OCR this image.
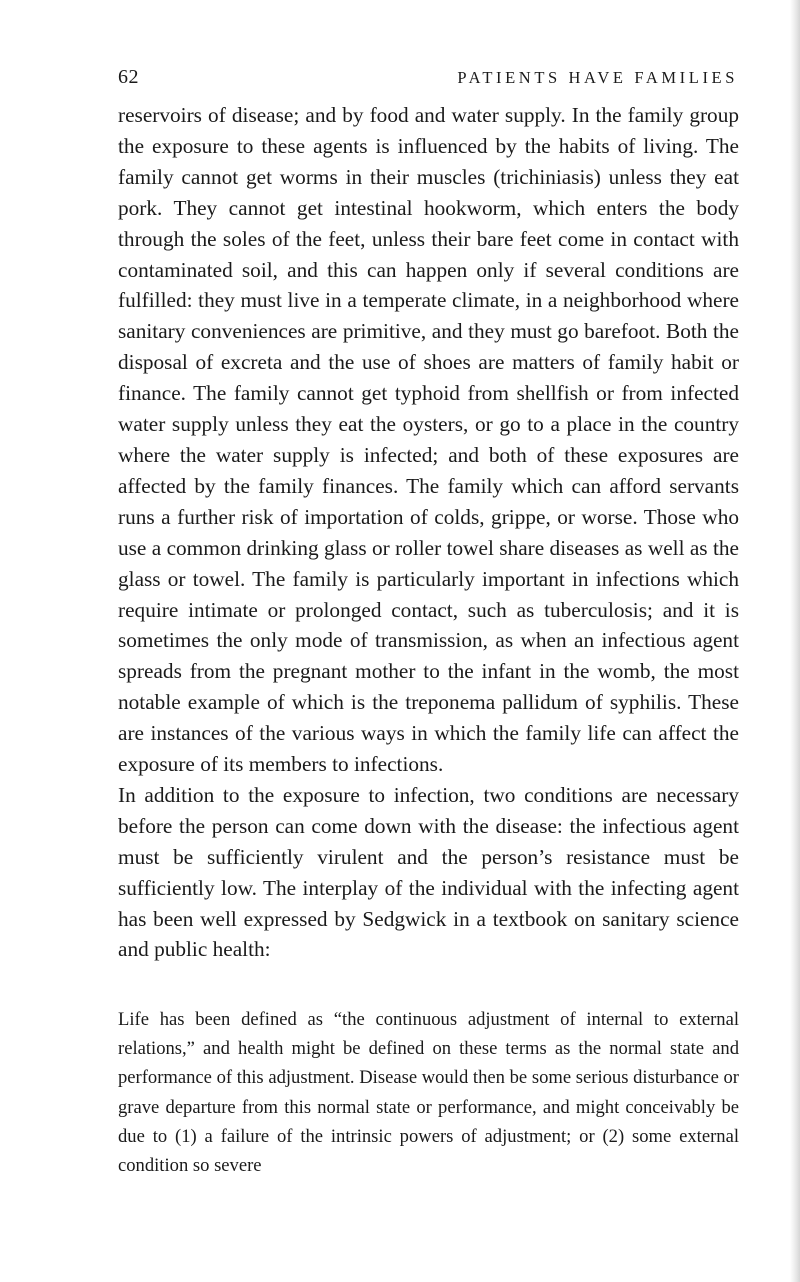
62	PATIENTS HAVE FAMILIES

reservoirs of disease; and by food and water supply. In the family group the exposure to these agents is influenced by the habits of living. The family cannot get worms in their muscles (trichiniasis) unless they eat pork. They cannot get intestinal hookworm, which enters the body through the soles of the feet, unless their bare feet come in contact with contaminated soil, and this can happen only if several conditions are fulfilled: they must live in a temperate climate, in a neighborhood where sanitary conveniences are primitive, and they must go barefoot. Both the disposal of excreta and the use of shoes are matters of family habit or finance. The family cannot get typhoid from shellfish or from infected water supply unless they eat the oysters, or go to a place in the country where the water supply is infected; and both of these exposures are affected by the family finances. The family which can afford servants runs a further risk of importation of colds, grippe, or worse. Those who use a common drinking glass or roller towel share diseases as well as the glass or towel. The family is particularly important in infections which require intimate or prolonged contact, such as tuberculosis; and it is sometimes the only mode of transmission, as when an infectious agent spreads from the pregnant mother to the infant in the womb, the most notable example of which is the treponema pallidum of syphilis. These are instances of the various ways in which the family life can affect the exposure of its members to infections.

In addition to the exposure to infection, two conditions are necessary before the person can come down with the disease: the infectious agent must be sufficiently virulent and the person’s resistance must be sufficiently low. The interplay of the individual with the infecting agent has been well expressed by Sedgwick in a textbook on sanitary science and public health:

Life has been defined as “the continuous adjustment of internal to external relations,” and health might be defined on these terms as the normal state and performance of this adjustment. Disease would then be some serious disturbance or grave departure from this normal state or performance, and might conceivably be due to (1) a failure of the intrinsic powers of adjustment; or (2) some external condition so severe
